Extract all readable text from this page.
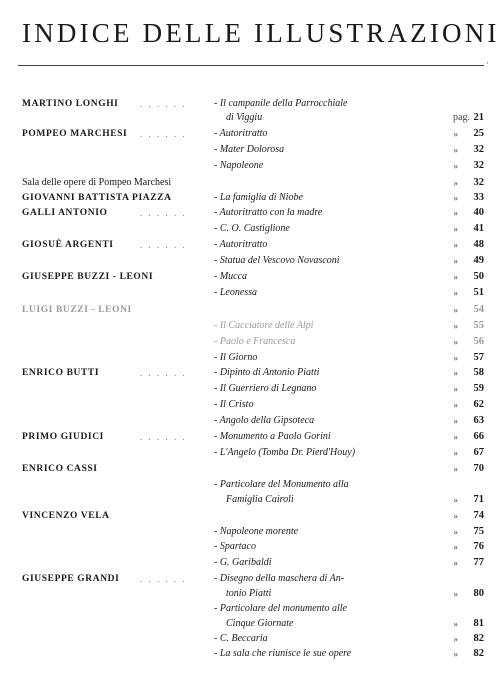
INDICE DELLE ILLUSTRAZIONI
·
MARTINO LONGHI . . . . . .	- Il campanile della Parrocchiale
di Viggiu	pag. 21
POMPEO MARCHESI . . . . . .	- Autoritratto	» 25
- Mater Dolorosa	» 32
- Napoleone	» 32
Sala delle opere di Pompeo Marchesi	» 32
GIOVANNI BATTISTA PIAZZA	- La famiglia di Niobe	» 33
GALLI ANTONIO	. . . . . .	- Autoritratto con la madre	» 40
- C. O. Castiglione	» 41
GIOSUÈ ARGENTI	. . . . . .	- Autoritratto	» 48
- Statua del Vescovo Novasconi	» 49
GIUSEPPE BUZZI - LEONI	- Mucca	» 50
- Leonessa	» 51
LUIGI BUZZI - LEONI	» 54
- Il Cacciatore delle Alpi	» 55
- Paolo e Francesca	» 56
- Il Giorno	» 57
ENRICO BUTTI	. . . . . .	- Dipinto di Antonio Piatti	» 58
- Il Guerriero di Legnano	» 59
- Il Cristo	» 62
- Angolo della Gipsoteca	» 63
PRIMO GIUDICI	. . . . . .	- Monumento a Paolo Gorini	» 66
- L'Angelo (Tomba Dr. Pierd'Houy)	» 67
ENRICO CASSI	» 70
- Particolare del Monumento alla
Famiglia Cairoli	» 71
VINCENZO VELA	» 74
- Napoleone morente	» 75
- Spartaco	» 76
- G. Garibaldi	» 77
GIUSEPPE GRANDI . . . . . .	- Disegno della maschera di An-
tonio Piatti	» 80
- Particolare del monumento alle
Cinque Giornate	» 81
- C. Beccaria	» 82
- La sala che riunisce le sue opere	» 82
